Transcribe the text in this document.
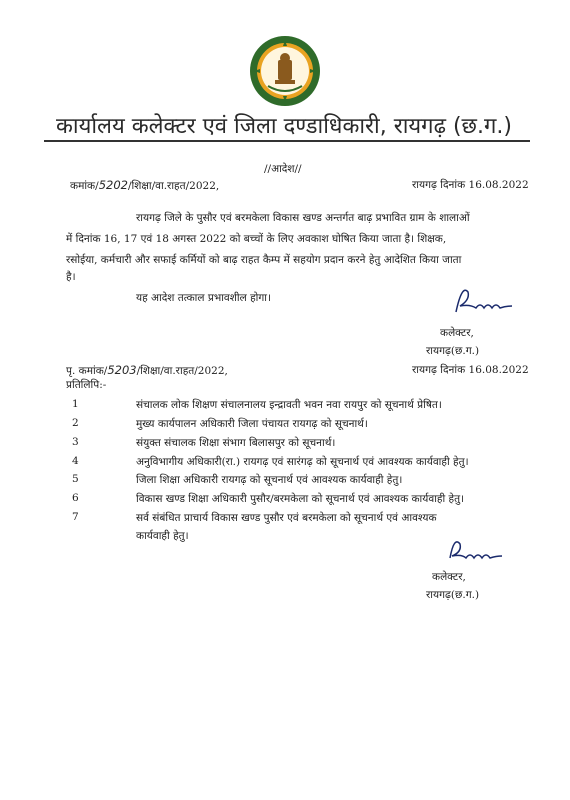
कार्यालय कलेक्टर एवं जिला दण्डाधिकारी, रायगढ़ (छ.ग.)
//आदेश//
कमांक/5202/शिक्षा/वा.राहत/2022,	रायगढ़ दिनांक 16.08.2022
रायगढ़ जिले के पुसौर एवं बरमकेला विकास खण्ड अन्तर्गत बाढ़ प्रभावित ग्राम के शालाओं
में दिनांक 16, 17 एवं 18 अगस्त 2022 को बच्चों के लिए अवकाश घोषित किया जाता है। शिक्षक,
रसोईया, कर्मचारी और सफाई कर्मियों को बाढ़ राहत कैम्प में सहयोग प्रदान करने हेतु आदेशित किया जाता
है।
यह आदेश तत्काल प्रभावशील होगा।
कलेक्टर,
रायगढ़(छ.ग.)
पृ. कमांक/5203/शिक्षा/वा.राहत/2022,	रायगढ़ दिनांक 16.08.2022
प्रतिलिपि:-
1	संचालक लोक शिक्षण संचालनालय इन्द्रावती भवन नवा रायपुर को सूचनार्थ प्रेषित।
2	मुख्य कार्यपालन अधिकारी जिला पंचायत रायगढ़ को सूचनार्थ।
3	संयुक्त संचालक शिक्षा संभाग बिलासपुर को सूचनार्थ।
4	अनुविभागीय अधिकारी(रा.) रायगढ़ एवं सारंगढ़ को सूचनार्थ एवं आवश्यक कार्यवाही हेतु।
5	जिला शिक्षा अधिकारी रायगढ़ को सूचनार्थ एवं आवश्यक कार्यवाही हेतु।
6	विकास खण्ड शिक्षा अधिकारी पुसौर/बरमकेला को सूचनार्थ एवं आवश्यक कार्यवाही हेतु।
7	सर्व संबंधित प्राचार्य विकास खण्ड पुसौर एवं बरमकेला को सूचनार्थ एवं आवश्यक
कार्यवाही हेतु।
कलेक्टर,
रायगढ़(छ.ग.)
